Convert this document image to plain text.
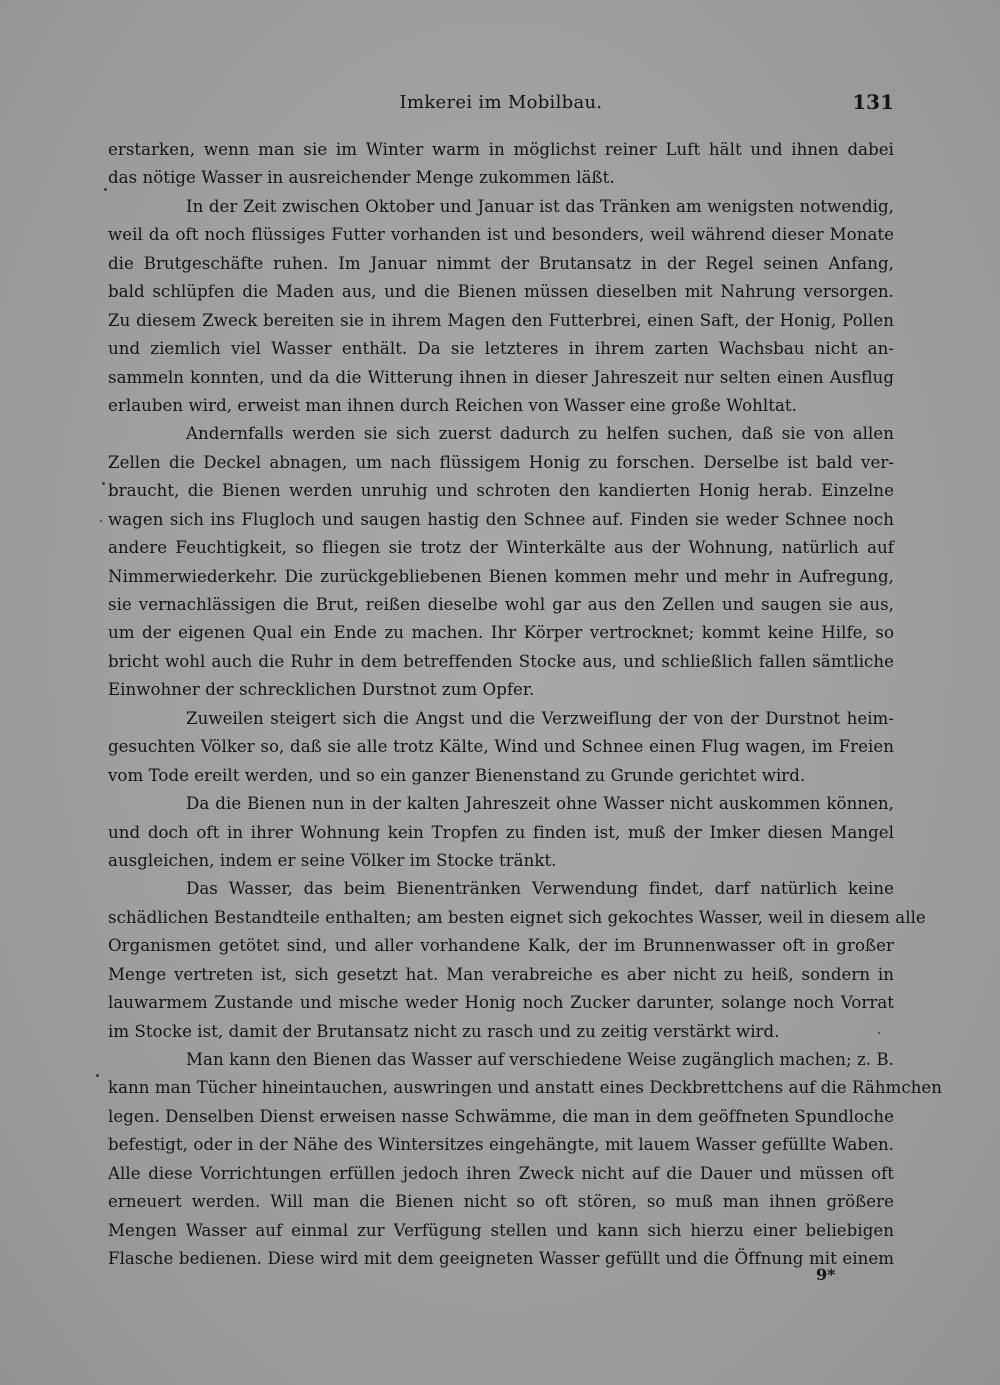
Imkerei im Mobilbau.	131
erstarken, wenn man sie im Winter warm in möglichst reiner Luft hält und ihnen dabei
das nötige Wasser in ausreichender Menge zukommen läßt.
In der Zeit zwischen Oktober und Januar ist das Tränken am wenigsten notwendig,
weil da oft noch flüssiges Futter vorhanden ist und besonders, weil während dieser Monate
die Brutgeschäfte ruhen. Im Januar nimmt der Brutansatz in der Regel seinen Anfang,
bald schlüpfen die Maden aus, und die Bienen müssen dieselben mit Nahrung versorgen.
Zu diesem Zweck bereiten sie in ihrem Magen den Futterbrei, einen Saft, der Honig, Pollen
und ziemlich viel Wasser enthält. Da sie letzteres in ihrem zarten Wachsbau nicht an-
sammeln konnten, und da die Witterung ihnen in dieser Jahreszeit nur selten einen Ausflug
erlauben wird, erweist man ihnen durch Reichen von Wasser eine große Wohltat.
Andernfalls werden sie sich zuerst dadurch zu helfen suchen, daß sie von allen
Zellen die Deckel abnagen, um nach flüssigem Honig zu forschen. Derselbe ist bald ver-
braucht, die Bienen werden unruhig und schroten den kandierten Honig herab. Einzelne
wagen sich ins Flugloch und saugen hastig den Schnee auf. Finden sie weder Schnee noch
andere Feuchtigkeit, so fliegen sie trotz der Winterkälte aus der Wohnung, natürlich auf
Nimmerwiederkehr. Die zurückgebliebenen Bienen kommen mehr und mehr in Aufregung,
sie vernachlässigen die Brut, reißen dieselbe wohl gar aus den Zellen und saugen sie aus,
um der eigenen Qual ein Ende zu machen. Ihr Körper vertrocknet; kommt keine Hilfe, so
bricht wohl auch die Ruhr in dem betreffenden Stocke aus, und schließlich fallen sämtliche
Einwohner der schrecklichen Durstnot zum Opfer.
Zuweilen steigert sich die Angst und die Verzweiflung der von der Durstnot heim-
gesuchten Völker so, daß sie alle trotz Kälte, Wind und Schnee einen Flug wagen, im Freien
vom Tode ereilt werden, und so ein ganzer Bienenstand zu Grunde gerichtet wird.
Da die Bienen nun in der kalten Jahreszeit ohne Wasser nicht auskommen können,
und doch oft in ihrer Wohnung kein Tropfen zu finden ist, muß der Imker diesen Mangel
ausgleichen, indem er seine Völker im Stocke tränkt.
Das Wasser, das beim Bienentränken Verwendung findet, darf natürlich keine
schädlichen Bestandteile enthalten; am besten eignet sich gekochtes Wasser, weil in diesem alle
Organismen getötet sind, und aller vorhandene Kalk, der im Brunnenwasser oft in großer
Menge vertreten ist, sich gesetzt hat. Man verabreiche es aber nicht zu heiß, sondern in
lauwarmem Zustande und mische weder Honig noch Zucker darunter, solange noch Vorrat
im Stocke ist, damit der Brutansatz nicht zu rasch und zu zeitig verstärkt wird.
Man kann den Bienen das Wasser auf verschiedene Weise zugänglich machen; z. B.
kann man Tücher hineintauchen, auswringen und anstatt eines Deckbrettchens auf die Rähmchen
legen. Denselben Dienst erweisen nasse Schwämme, die man in dem geöffneten Spundloche
befestigt, oder in der Nähe des Wintersitzes eingehängte, mit lauem Wasser gefüllte Waben.
Alle diese Vorrichtungen erfüllen jedoch ihren Zweck nicht auf die Dauer und müssen oft
erneuert werden. Will man die Bienen nicht so oft stören, so muß man ihnen größere
Mengen Wasser auf einmal zur Verfügung stellen und kann sich hierzu einer beliebigen
Flasche bedienen. Diese wird mit dem geeigneten Wasser gefüllt und die Öffnung mit einem
9*
